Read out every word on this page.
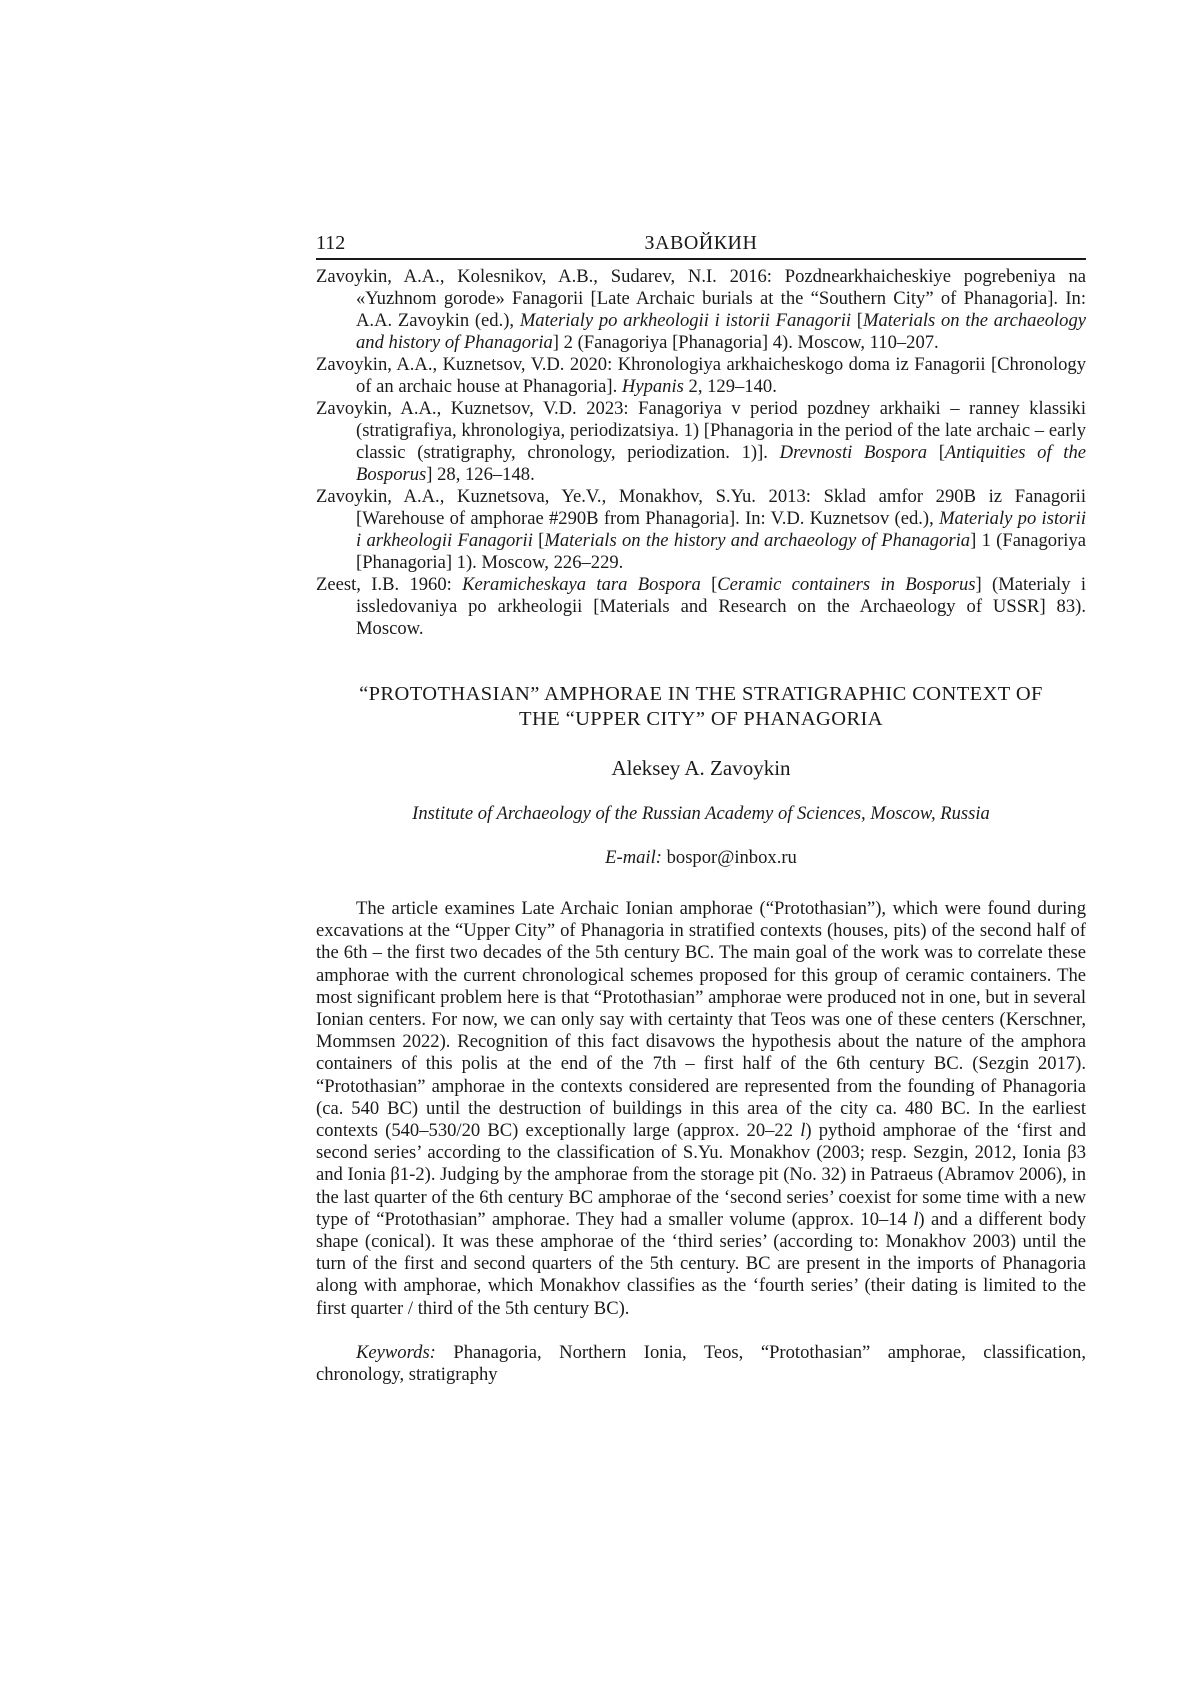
112	ЗАВОЙКИН

Zavoykin, A.A., Kolesnikov, A.B., Sudarev, N.I. 2016: Pozdnearkhaicheskiye pogrebeniya na «Yuzhnom gorode» Fanagorii [Late Archaic burials at the “Southern City” of Phanagoria]. In: A.A. Zavoykin (ed.), Materialy po arkheologii i istorii Fanagorii [Materials on the archaeology and history of Phanagoria] 2 (Fanagoriya [Phanagoria] 4). Moscow, 110–207.

Zavoykin, A.A., Kuznetsov, V.D. 2020: Khronologiya arkhaicheskogo doma iz Fanagorii [Chronology of an archaic house at Phanagoria]. Hypanis 2, 129–140.

Zavoykin, A.A., Kuznetsov, V.D. 2023: Fanagoriya v period pozdney arkhaiki – ranney klassiki (stratigrafiya, khronologiya, periodizatsiya. 1) [Phanagoria in the period of the late archaic – early classic (stratigraphy, chronology, periodization. 1)]. Drevnosti Bospora [Antiquities of the Bosporus] 28, 126–148.

Zavoykin, A.A., Kuznetsova, Ye.V., Monakhov, S.Yu. 2013: Sklad amfor 290B iz Fanagorii [Warehouse of amphorae #290B from Phanagoria]. In: V.D. Kuznetsov (ed.), Materialy po istorii i arkheologii Fanagorii [Materials on the history and archaeology of Phanagoria] 1 (Fanagoriya [Phanagoria] 1). Moscow, 226–229.

Zeest, I.B. 1960: Keramicheskaya tara Bospora [Ceramic containers in Bosporus] (Materialy i issledovaniya po arkheologii [Materials and Research on the Archaeology of USSR] 83). Moscow.

“PROTOTHASIAN” AMPHORAE IN THE STRATIGRAPHIC CONTEXT OF
THE “UPPER CITY” OF PHANAGORIA
Aleksey A. Zavoykin
Institute of Archaeology of the Russian Academy of Sciences, Moscow, Russia
E-mail: bospor@inbox.ru

The article examines Late Archaic Ionian amphorae (“Protothasian”), which were found during excavations at the “Upper City” of Phanagoria in stratified contexts (houses, pits) of the second half of the 6th – the first two decades of the 5th century BC. The main goal of the work was to correlate these amphorae with the current chronological schemes proposed for this group of ceramic containers. The most significant problem here is that “Protothasian” amphorae were produced not in one, but in several Ionian centers. For now, we can only say with certainty that Teos was one of these centers (Kerschner, Mommsen 2022). Recognition of this fact disavows the hypothesis about the nature of the amphora containers of this polis at the end of the 7th – first half of the 6th century BC. (Sezgin 2017). “Protothasian” amphorae in the contexts considered are represented from the founding of Phanagoria (ca. 540 BC) until the destruction of buildings in this area of the city ca. 480 BC. In the earliest contexts (540–530/20 BC) exceptionally large (approx. 20–22 l) pythoid amphorae of the ‘first and second series’ according to the classification of S.Yu. Monakhov (2003; resp. Sezgin, 2012, Ionia β3 and Ionia β1-2). Judging by the amphorae from the storage pit (No. 32) in Patraeus (Abramov 2006), in the last quarter of the 6th century BC amphorae of the ‘second series’ coexist for some time with a new type of “Protothasian” amphorae. They had a smaller volume (approx. 10–14 l) and a different body shape (conical). It was these amphorae of the ‘third series’ (according to: Monakhov 2003) until the turn of the first and second quarters of the 5th century. BC are present in the imports of Phanagoria along with amphorae, which Monakhov classifies as the ‘fourth series’ (their dating is limited to the first quarter / third of the 5th century BC).

Keywords: Phanagoria, Northern Ionia, Teos, “Protothasian” amphorae, classification, chronology, stratigraphy
